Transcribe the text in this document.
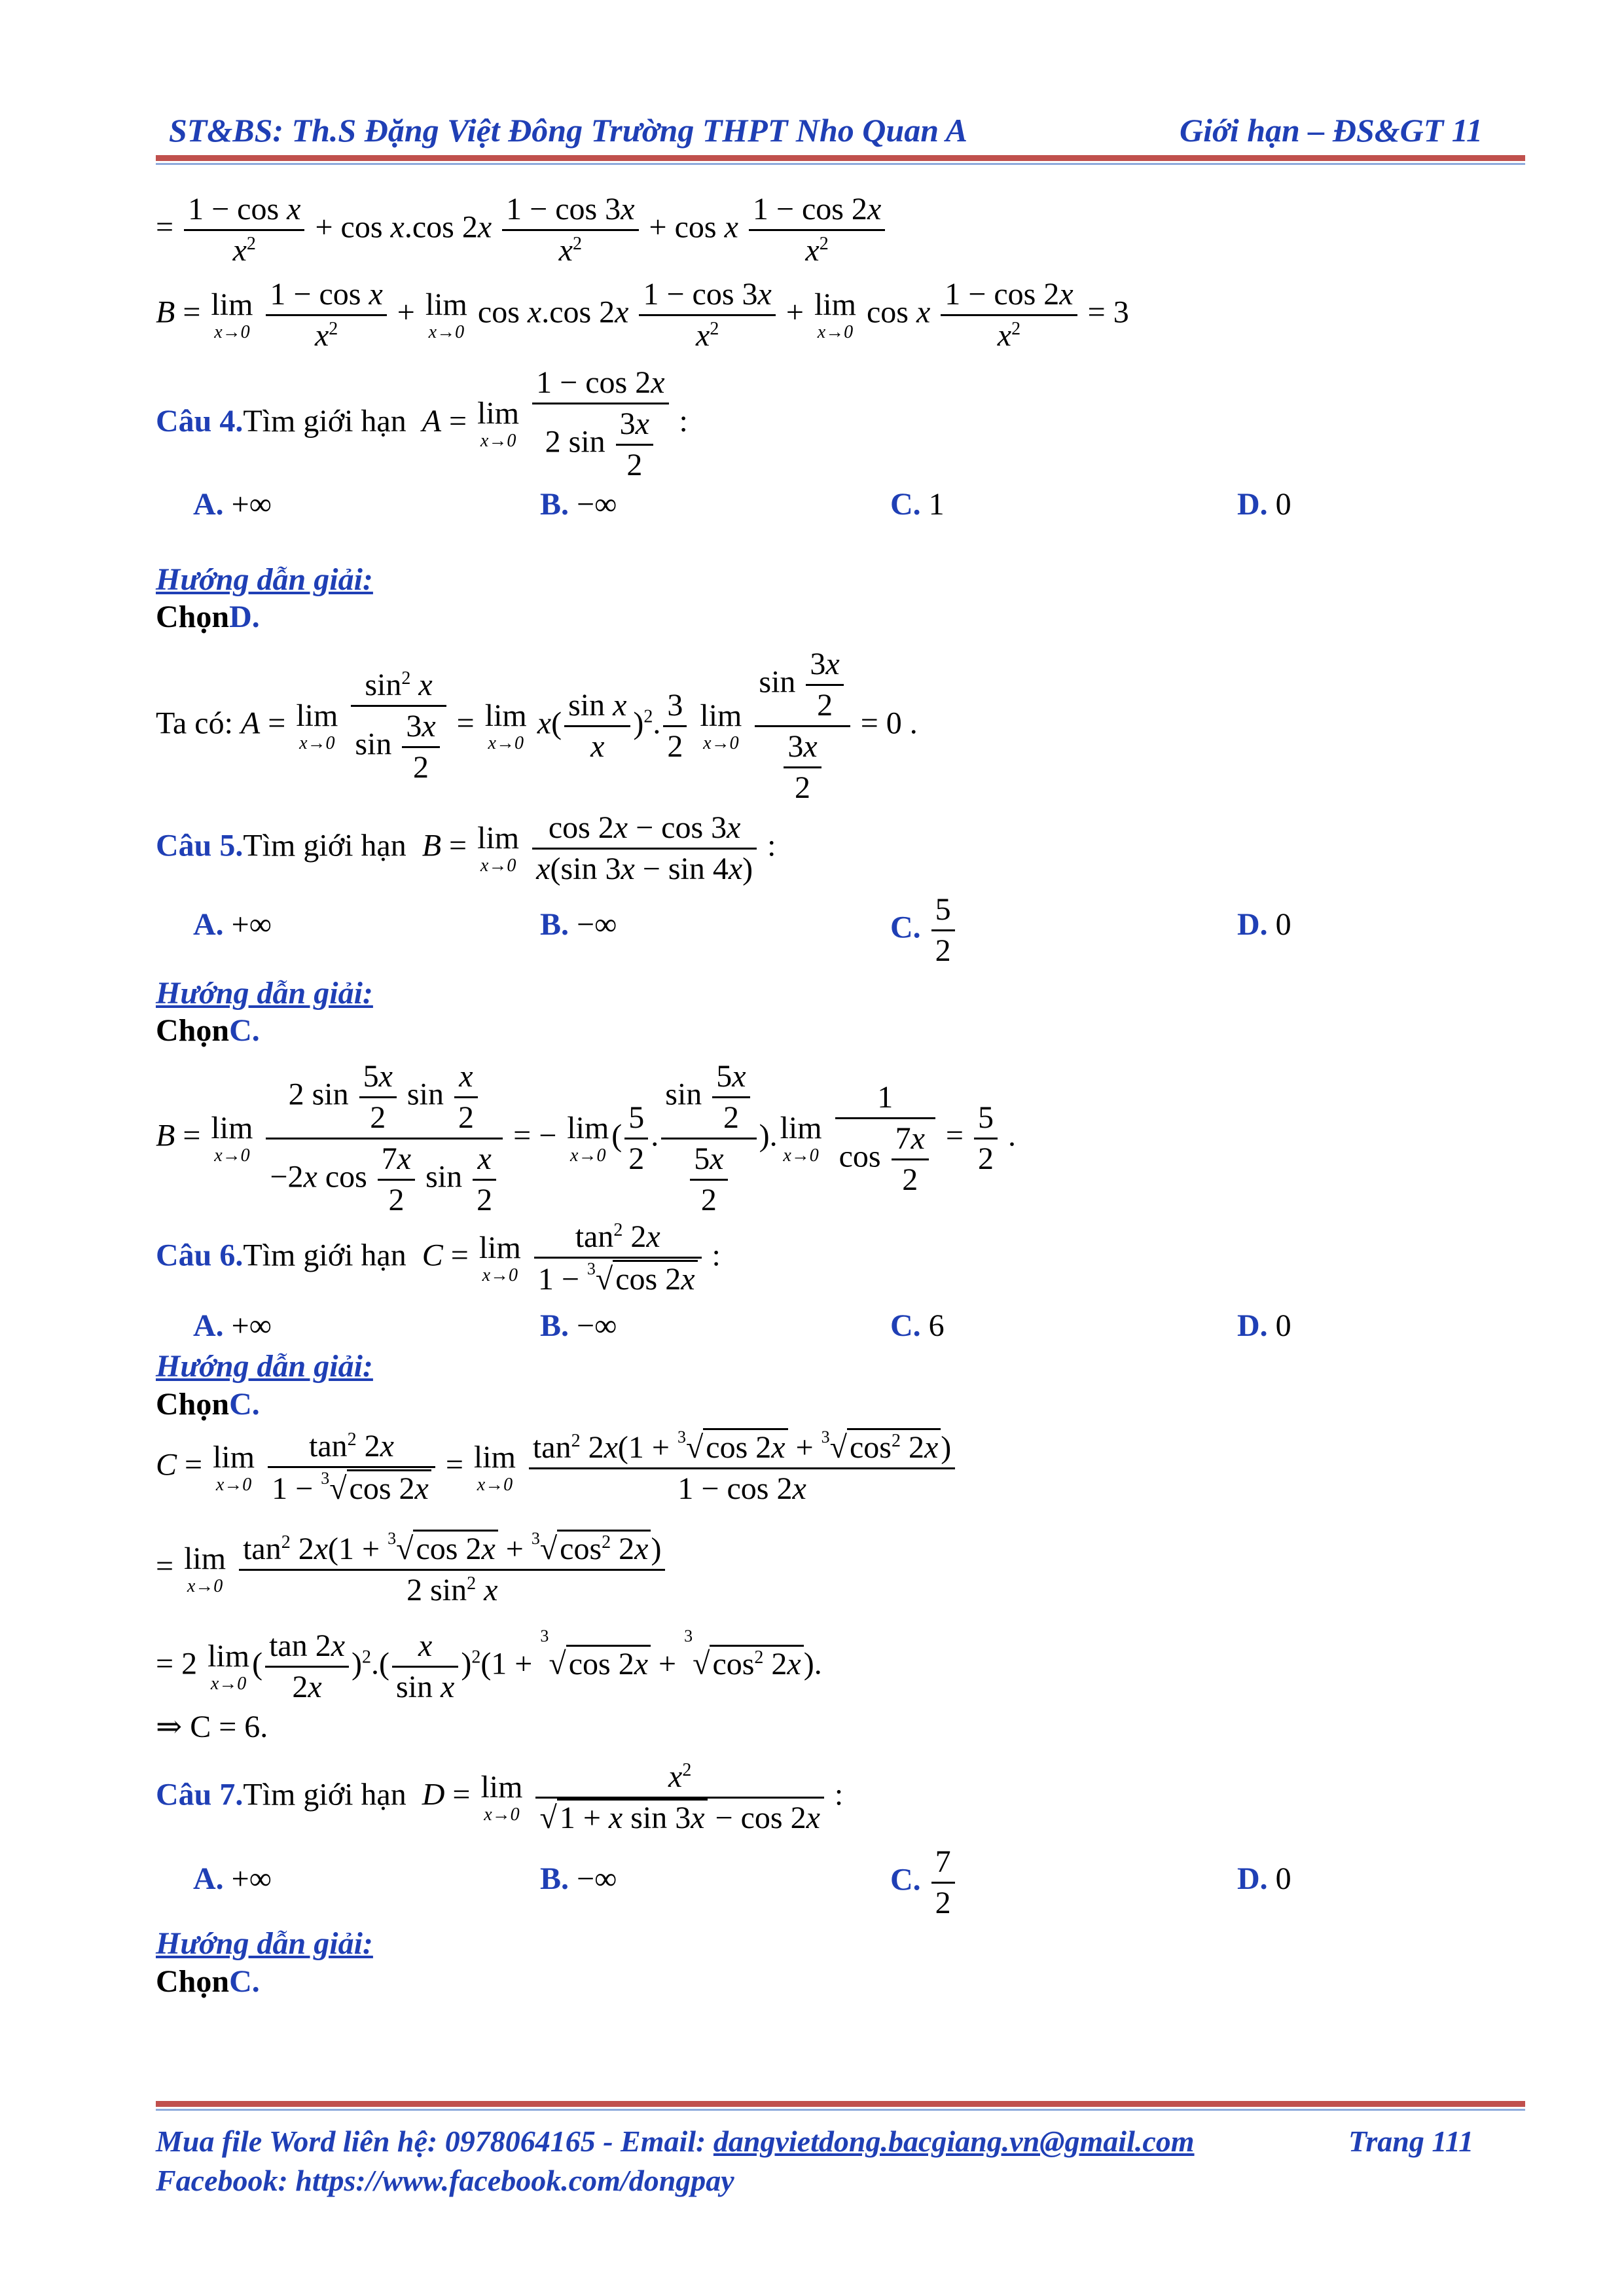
ST&BS: Th.S Đặng Việt Đông Trường THPT Nho Quan A	Giới hạn – ĐS&GT 11
= $\frac{\text{1 − cos x}}{x^2} + \cos x.\cos$ $2x \frac{1 - \cos 3x}{x^2} + \cos x \frac{1 - \cos 2x}{x^2}$
B = lim
x→0
$\frac{\text{1 − cos x}}{x^2} + \lim$
x→0
cos x.cos $2x \frac{1 - \cos 3x}{x^2} + \lim$
x→0
cos x $\frac{1 - \cos 2x}{x^2} = 3$
Câu 4.Tìm giới hạn A = lim
x→0
$\frac{1 - \cos 2x}{2 \sin \frac{3x}{2}}$ :
A. +∞	B. −∞	C. 1	D. 0
Hướng dẫn giải:
ChọnD.
Ta có: A = lim
x→0
$\frac{\sin^2 x}{\sin \frac{3x}{2}} = \lim$
x→0
$x( \frac{\text{sin x}}{x} )^2$. $\frac{3}{2}$
lim
x→0
$\frac{\sin \frac{3x}{2}}{\frac{3x}{2}} = 0$ .
Câu 5.Tìm giới hạn B = lim
x→0
$\frac{\cos 2x - \cos 3x}{x(\sin 3x - \sin 4x)}$ :
A. +∞	B. −∞	C. $\frac{5}{2}$	D. 0
Hướng dẫn giải:
ChọnC.
B = lim
x→0
$\frac{2 \sin \frac{5x}{2} \sin \frac{x}{2}}{-2x \cos \frac{7x}{2} \sin \frac{x}{2}}$ = − lim
x→0
( $\frac{5}{2}$ . $\frac{\sin \frac{5x}{2}}{\frac{5x}{2}}$ ). lim
x→0
$\frac{1}{\cos \frac{7x}{2}} = \frac{5}{2}$ .
Câu 6.Tìm giới hạn C = lim
x→0
$\frac{\tan^2 2x}{1 - ^3√\cos 2x}$ :
A. +∞	B. −∞	C. 6	D. 0
Hướng dẫn giải:
ChọnC.
C = lim
x→0
$\frac{\tan^2 2x}{1 - ^3√\cos 2x} = \lim$
x→0
$\frac{\tan^2 2x(1 + ^3√\cos 2x + ^3√\cos^2 2x)}{1 - \cos 2x}$
= lim
x→0
$\frac{\tan^2 2x(1 + ^3√\cos 2x + ^3√\cos^2 2x)}{2 \sin^2 x}$
= 2 lim
x→0
( $\frac{\tan 2x}{2x} )^2.( \frac{x}{\text{sin x}} )^2(1 + ^3√\cos$ $2x + ^3√\cos^2$ 2x).
⇒ C = 6.
Câu 7.Tìm giới hạn D = lim
x→0
$\frac{x^2}{\text{√1 + x sin 3x − cos 2x}}$ :
A. +∞	B. −∞	C. $\frac{7}{2}$	D. 0
Hướng dẫn giải:
ChọnC.
Mua file Word liên hệ: 0978064165 - Email: dangvietdong.bacgiang.vn@gmail.com	Trang 111
Facebook: https://www.facebook.com/dongpay
